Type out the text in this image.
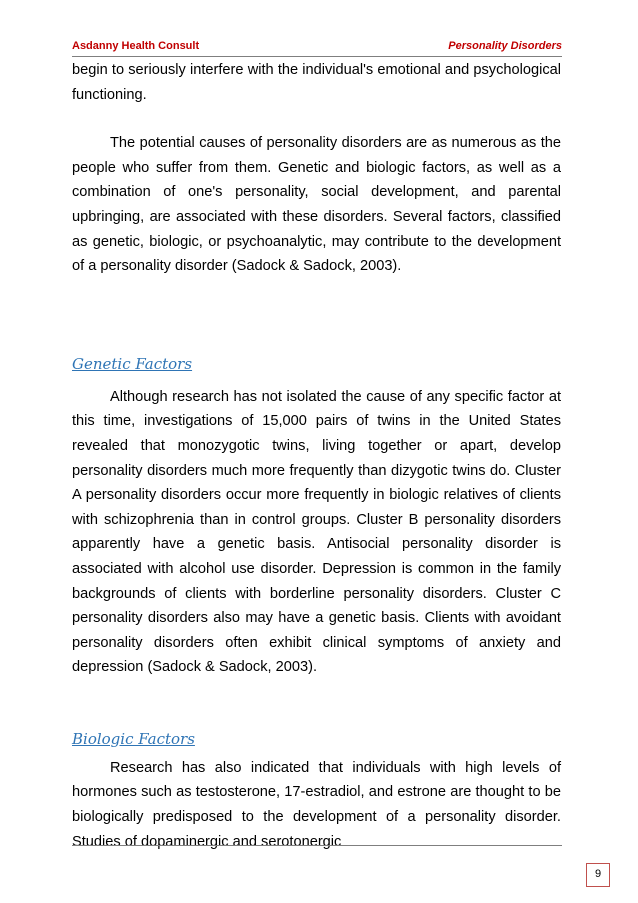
Asdanny Health Consult	Personality Disorders

begin to seriously interfere with the individual's emotional and psychological functioning.

The potential causes of personality disorders are as numerous as the people who suffer from them. Genetic and biologic factors, as well as a combination of one's personality, social development, and parental upbringing, are associated with these disorders. Several factors, classified as genetic, biologic, or psychoanalytic, may contribute to the development of a personality disorder (Sadock & Sadock, 2003).

Genetic Factors

Although research has not isolated the cause of any specific factor at this time, investigations of 15,000 pairs of twins in the United States revealed that monozygotic twins, living together or apart, develop personality disorders much more frequently than dizygotic twins do. Cluster A personality disorders occur more frequently in biologic relatives of clients with schizophrenia than in control groups. Cluster B personality disorders apparently have a genetic basis. Antisocial personality disorder is associated with alcohol use disorder. Depression is common in the family backgrounds of clients with borderline personality disorders. Cluster C personality disorders also may have a genetic basis. Clients with avoidant personality disorders often exhibit clinical symptoms of anxiety and depression (Sadock & Sadock, 2003).

Biologic Factors

Research has also indicated that individuals with high levels of hormones such as testosterone, 17-estradiol, and estrone are thought to be biologically predisposed to the development of a personality disorder. Studies of dopaminergic and serotonergic

9
